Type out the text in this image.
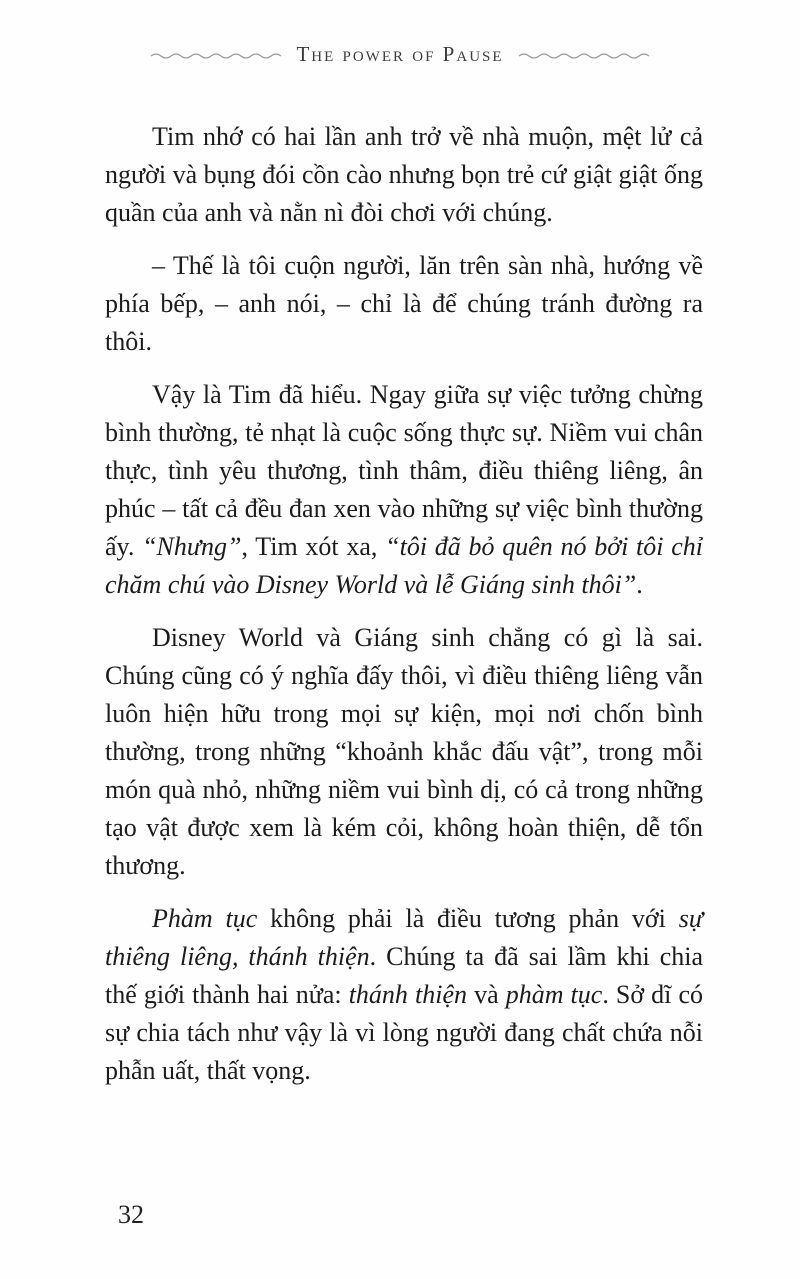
The power of Pause

Tim nhớ có hai lần anh trở về nhà muộn, mệt lử cả người và bụng đói cồn cào nhưng bọn trẻ cứ giật giật ống quần của anh và nằn nì đòi chơi với chúng.

– Thế là tôi cuộn người, lăn trên sàn nhà, hướng về phía bếp, – anh nói, – chỉ là để chúng tránh đường ra thôi.

Vậy là Tim đã hiểu. Ngay giữa sự việc tưởng chừng bình thường, tẻ nhạt là cuộc sống thực sự. Niềm vui chân thực, tình yêu thương, tình thâm, điều thiêng liêng, ân phúc – tất cả đều đan xen vào những sự việc bình thường ấy. “Nhưng”, Tim xót xa, “tôi đã bỏ quên nó bởi tôi chỉ chăm chú vào Disney World và lễ Giáng sinh thôi”.

Disney World và Giáng sinh chẳng có gì là sai. Chúng cũng có ý nghĩa đấy thôi, vì điều thiêng liêng vẫn luôn hiện hữu trong mọi sự kiện, mọi nơi chốn bình thường, trong những “khoảnh khắc đấu vật”, trong mỗi món quà nhỏ, những niềm vui bình dị, có cả trong những tạo vật được xem là kém cỏi, không hoàn thiện, dễ tổn thương.

Phàm tục không phải là điều tương phản với sự thiêng liêng, thánh thiện. Chúng ta đã sai lầm khi chia thế giới thành hai nửa: thánh thiện và phàm tục. Sở dĩ có sự chia tách như vậy là vì lòng người đang chất chứa nỗi phẫn uất, thất vọng.

32
